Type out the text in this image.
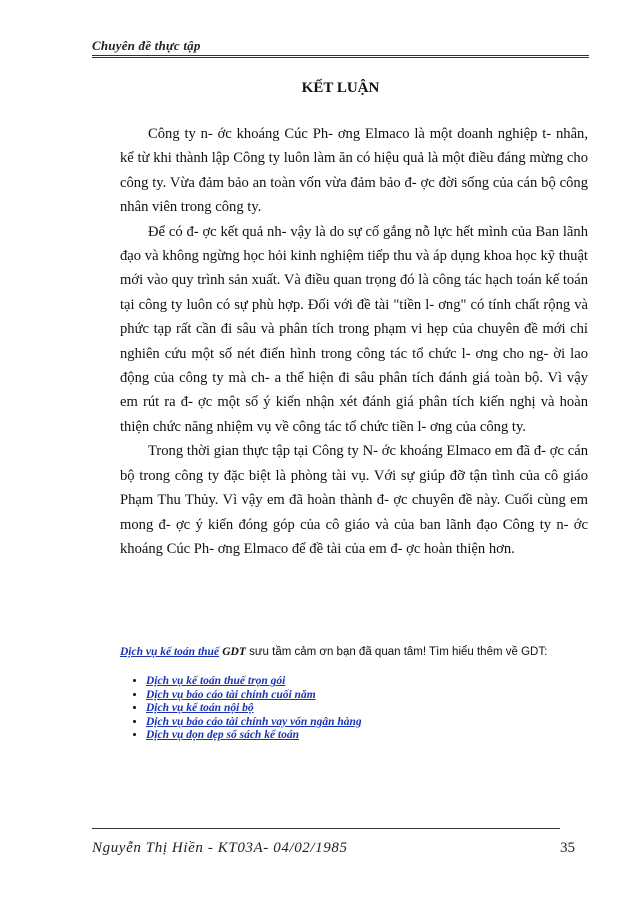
Chuyên đề thực tập
KẾT LUẬN

Công ty n- ớc khoáng Cúc Ph- ơng Elmaco là một doanh nghiệp t- nhân, kể từ khi thành lập Công ty luôn làm ăn có hiệu quả là một điều đáng mừng cho công ty. Vừa đảm bảo an toàn vốn vừa đảm bảo đ- ợc đời sống của cán bộ công nhân viên trong công ty.

Để có đ- ợc kết quả nh- vậy là do sự cố gắng nỗ lực hết mình của Ban lãnh đạo và không ngừng học hỏi kinh nghiệm tiếp thu và áp dụng khoa học kỹ thuật mới vào quy trình sản xuất. Và điều quan trọng đó là công tác hạch toán kế toán tại công ty luôn có sự phù hợp. Đối với đề tài "tiền l- ơng" có tính chất rộng và phức tạp rất cần đi sâu và phân tích trong phạm vi hẹp của chuyên đề mới chỉ nghiên cứu một số nét điển hình trong công tác tổ chức l- ơng cho ng- ời lao động của công ty mà ch- a thể hiện đi sâu phân tích đánh giá toàn bộ. Vì vậy em rút ra đ- ợc một số ý kiến nhận xét đánh giá phân tích kiến nghị và hoàn thiện chức năng nhiệm vụ về công tác tổ chức tiền l- ơng của công ty.

Trong thời gian thực tập tại Công ty N- ớc khoáng Elmaco em đã đ- ợc cán bộ trong công ty đặc biệt là phòng tài vụ. Với sự giúp đỡ tận tình của cô giáo Phạm Thu Thủy. Vì vậy em đã hoàn thành đ- ợc chuyên đề này. Cuối cùng em mong đ- ợc ý kiến đóng góp của cô giáo và của ban lãnh đạo Công ty n- ớc khoáng Cúc Ph- ơng Elmaco để đề tài của em đ- ợc hoàn thiện hơn.

Dịch vụ kế toán thuế GDT sưu tầm cảm ơn bạn đã quan tâm! Tìm hiểu thêm về GDT:
• Dịch vụ kế toán thuế trọn gói
• Dịch vụ báo cáo tài chính cuối năm
• Dịch vụ kế toán nội bộ
• Dịch vụ báo cáo tài chính vay vốn ngân hàng
• Dịch vụ dọn dẹp sổ sách kế toán
Nguyễn Thị Hiền - KT03A- 04/02/1985	35
